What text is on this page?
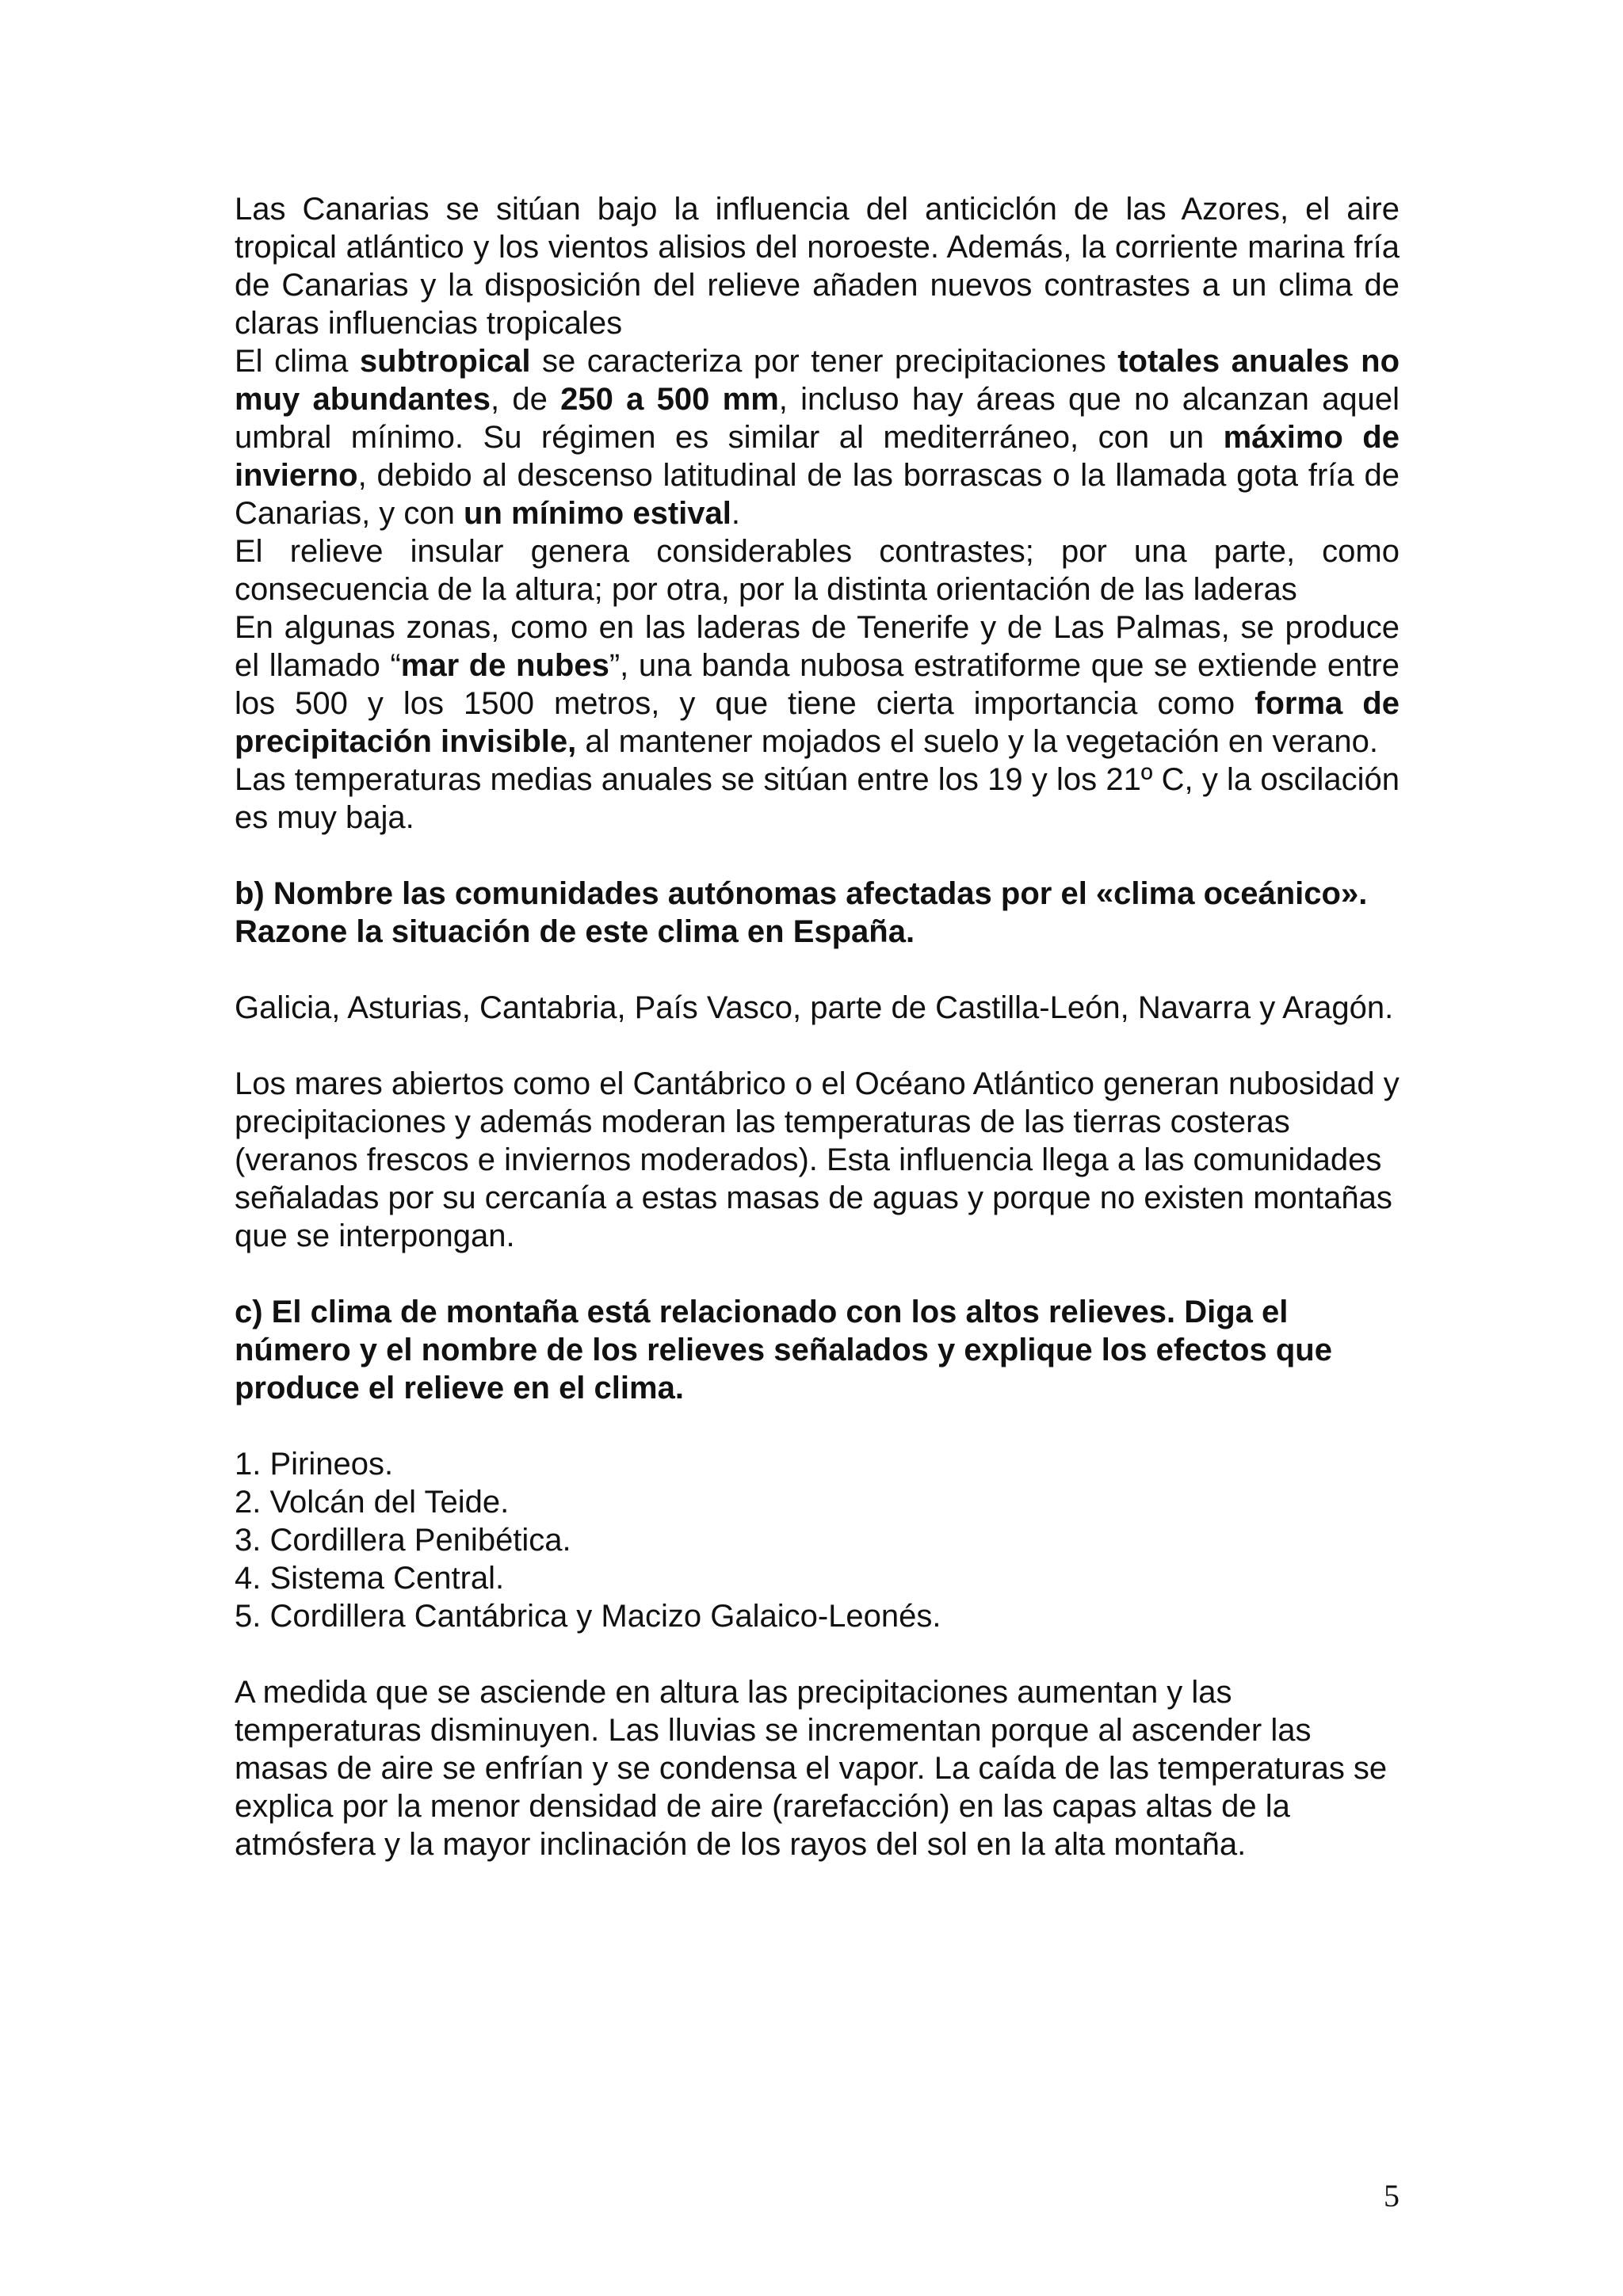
Las Canarias se sitúan bajo la influencia del anticiclón de las Azores, el aire tropical atlántico y los vientos alisios del noroeste. Además, la corriente marina fría de Canarias y la disposición del relieve añaden nuevos contrastes a un clima de claras influencias tropicales

El clima subtropical se caracteriza por tener precipitaciones totales anuales no muy abundantes, de 250 a 500 mm, incluso hay áreas que no alcanzan aquel umbral mínimo. Su régimen es similar al mediterráneo, con un máximo de invierno, debido al descenso latitudinal de las borrascas o la llamada gota fría de Canarias, y con un mínimo estival.

El relieve insular genera considerables contrastes; por una parte, como consecuencia de la altura; por otra, por la distinta orientación de las laderas

En algunas zonas, como en las laderas de Tenerife y de Las Palmas, se produce el llamado “mar de nubes”, una banda nubosa estratiforme que se extiende entre los 500 y los 1500 metros, y que tiene cierta importancia como forma de precipitación invisible, al mantener mojados el suelo y la vegetación en verano.

Las temperaturas medias anuales se sitúan entre los 19 y los 21º C, y la oscilación es muy baja.

b) Nombre las comunidades autónomas afectadas por el «clima oceánico». Razone la situación de este clima en España.

Galicia, Asturias, Cantabria, País Vasco, parte de Castilla-León, Navarra y Aragón.

Los mares abiertos como el Cantábrico o el Océano Atlántico generan nubosidad y precipitaciones y además moderan las temperaturas de las tierras costeras (veranos frescos e inviernos moderados). Esta influencia llega a las comunidades señaladas por su cercanía a estas masas de aguas y porque no existen montañas que se interpongan.

c) El clima de montaña está relacionado con los altos relieves. Diga el número y el nombre de los relieves señalados y explique los efectos que produce el relieve en el clima.

1. Pirineos.
2. Volcán del Teide.
3. Cordillera Penibética.
4. Sistema Central.
5. Cordillera Cantábrica y Macizo Galaico-Leonés.

A medida que se asciende en altura las precipitaciones aumentan y las temperaturas disminuyen. Las lluvias se incrementan porque al ascender las masas de aire se enfrían y se condensa el vapor. La caída de las temperaturas se explica por la menor densidad de aire (rarefacción) en las capas altas de la atmósfera y la mayor inclinación de los rayos del sol en la alta montaña.

5
